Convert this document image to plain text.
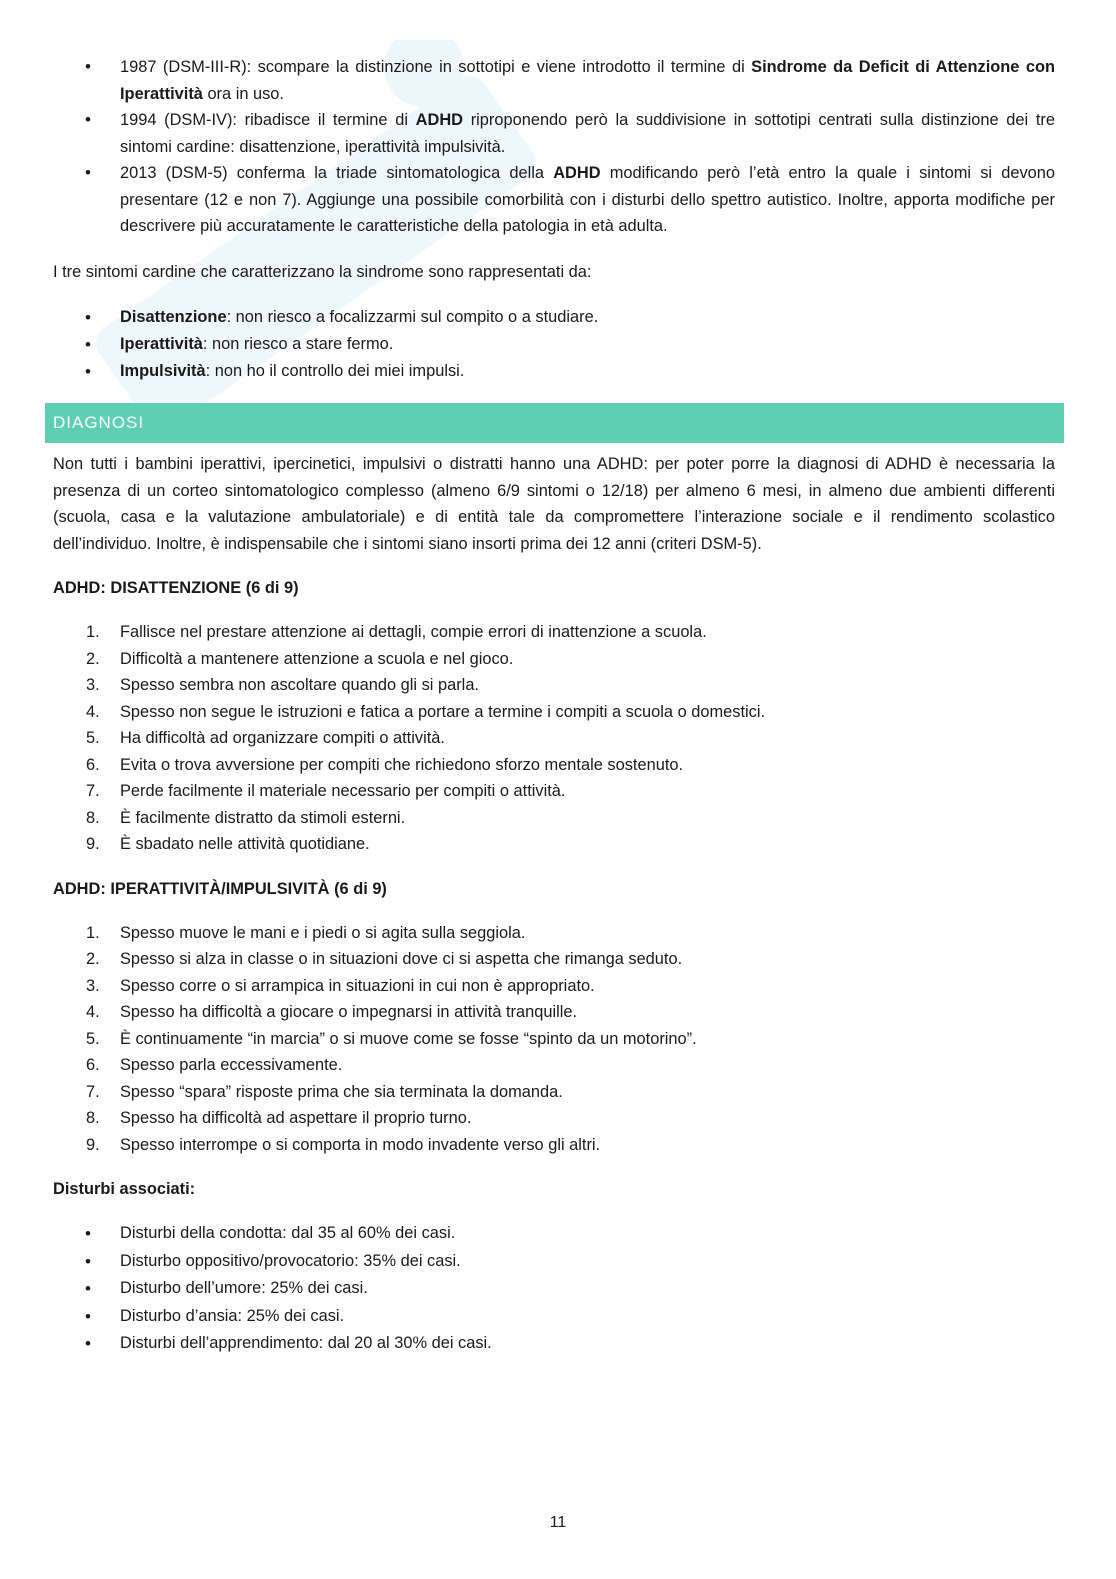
• 1987 (DSM-III-R): scompare la distinzione in sottotipi e viene introdotto il termine di Sindrome da Deficit di Attenzione con Iperattività ora in uso.
• 1994 (DSM-IV): ribadisce il termine di ADHD riproponendo però la suddivisione in sottotipi centrati sulla distinzione dei tre sintomi cardine: disattenzione, iperattività impulsività.
• 2013 (DSM-5) conferma la triade sintomatologica della ADHD modificando però l’età entro la quale i sintomi si devono presentare (12 e non 7). Aggiunge una possibile comorbilità con i disturbi dello spettro autistico. Inoltre, apporta modifiche per descrivere più accuratamente le caratteristiche della patologia in età adulta.

I tre sintomi cardine che caratterizzano la sindrome sono rappresentati da:

• Disattenzione: non riesco a focalizzarmi sul compito o a studiare.
• Iperattività: non riesco a stare fermo.
• Impulsività: non ho il controllo dei miei impulsi.
DIAGNOSI

Non tutti i bambini iperattivi, ipercinetici, impulsivi o distratti hanno una ADHD: per poter porre la diagnosi di ADHD è necessaria la presenza di un corteo sintomatologico complesso (almeno 6/9 sintomi o 12/18) per almeno 6 mesi, in almeno due ambienti differenti (scuola, casa e la valutazione ambulatoriale) e di entità tale da compromettere l’interazione sociale e il rendimento scolastico dell’individuo. Inoltre, è indispensabile che i sintomi siano insorti prima dei 12 anni (criteri DSM-5).

ADHD: DISATTENZIONE (6 di 9)

1.	Fallisce nel prestare attenzione ai dettagli, compie errori di inattenzione a scuola.
2.	Difficoltà a mantenere attenzione a scuola e nel gioco.
3.	Spesso sembra non ascoltare quando gli si parla.
4.	Spesso non segue le istruzioni e fatica a portare a termine i compiti a scuola o domestici.
5.	Ha difficoltà ad organizzare compiti o attività.
6.	Evita o trova avversione per compiti che richiedono sforzo mentale sostenuto.
7.	Perde facilmente il materiale necessario per compiti o attività.
8.	È facilmente distratto da stimoli esterni.
9.	È sbadato nelle attività quotidiane.

ADHD: IPERATTIVITÀ/IMPULSIVITÀ (6 di 9)

1.	Spesso muove le mani e i piedi o si agita sulla seggiola.
2.	Spesso si alza in classe o in situazioni dove ci si aspetta che rimanga seduto.
3.	Spesso corre o si arrampica in situazioni in cui non è appropriato.
4.	Spesso ha difficoltà a giocare o impegnarsi in attività tranquille.
5.	È continuamente “in marcia” o si muove come se fosse “spinto da un motorino”.
6.	Spesso parla eccessivamente.
7.	Spesso “spara” risposte prima che sia terminata la domanda.
8.	Spesso ha difficoltà ad aspettare il proprio turno.
9.	Spesso interrompe o si comporta in modo invadente verso gli altri.

Disturbi associati:

• Disturbi della condotta: dal 35 al 60% dei casi.
• Disturbo oppositivo/provocatorio: 35% dei casi.
• Disturbo dell’umore: 25% dei casi.
• Disturbo d’ansia: 25% dei casi.
• Disturbi dell’apprendimento: dal 20 al 30% dei casi.
11
